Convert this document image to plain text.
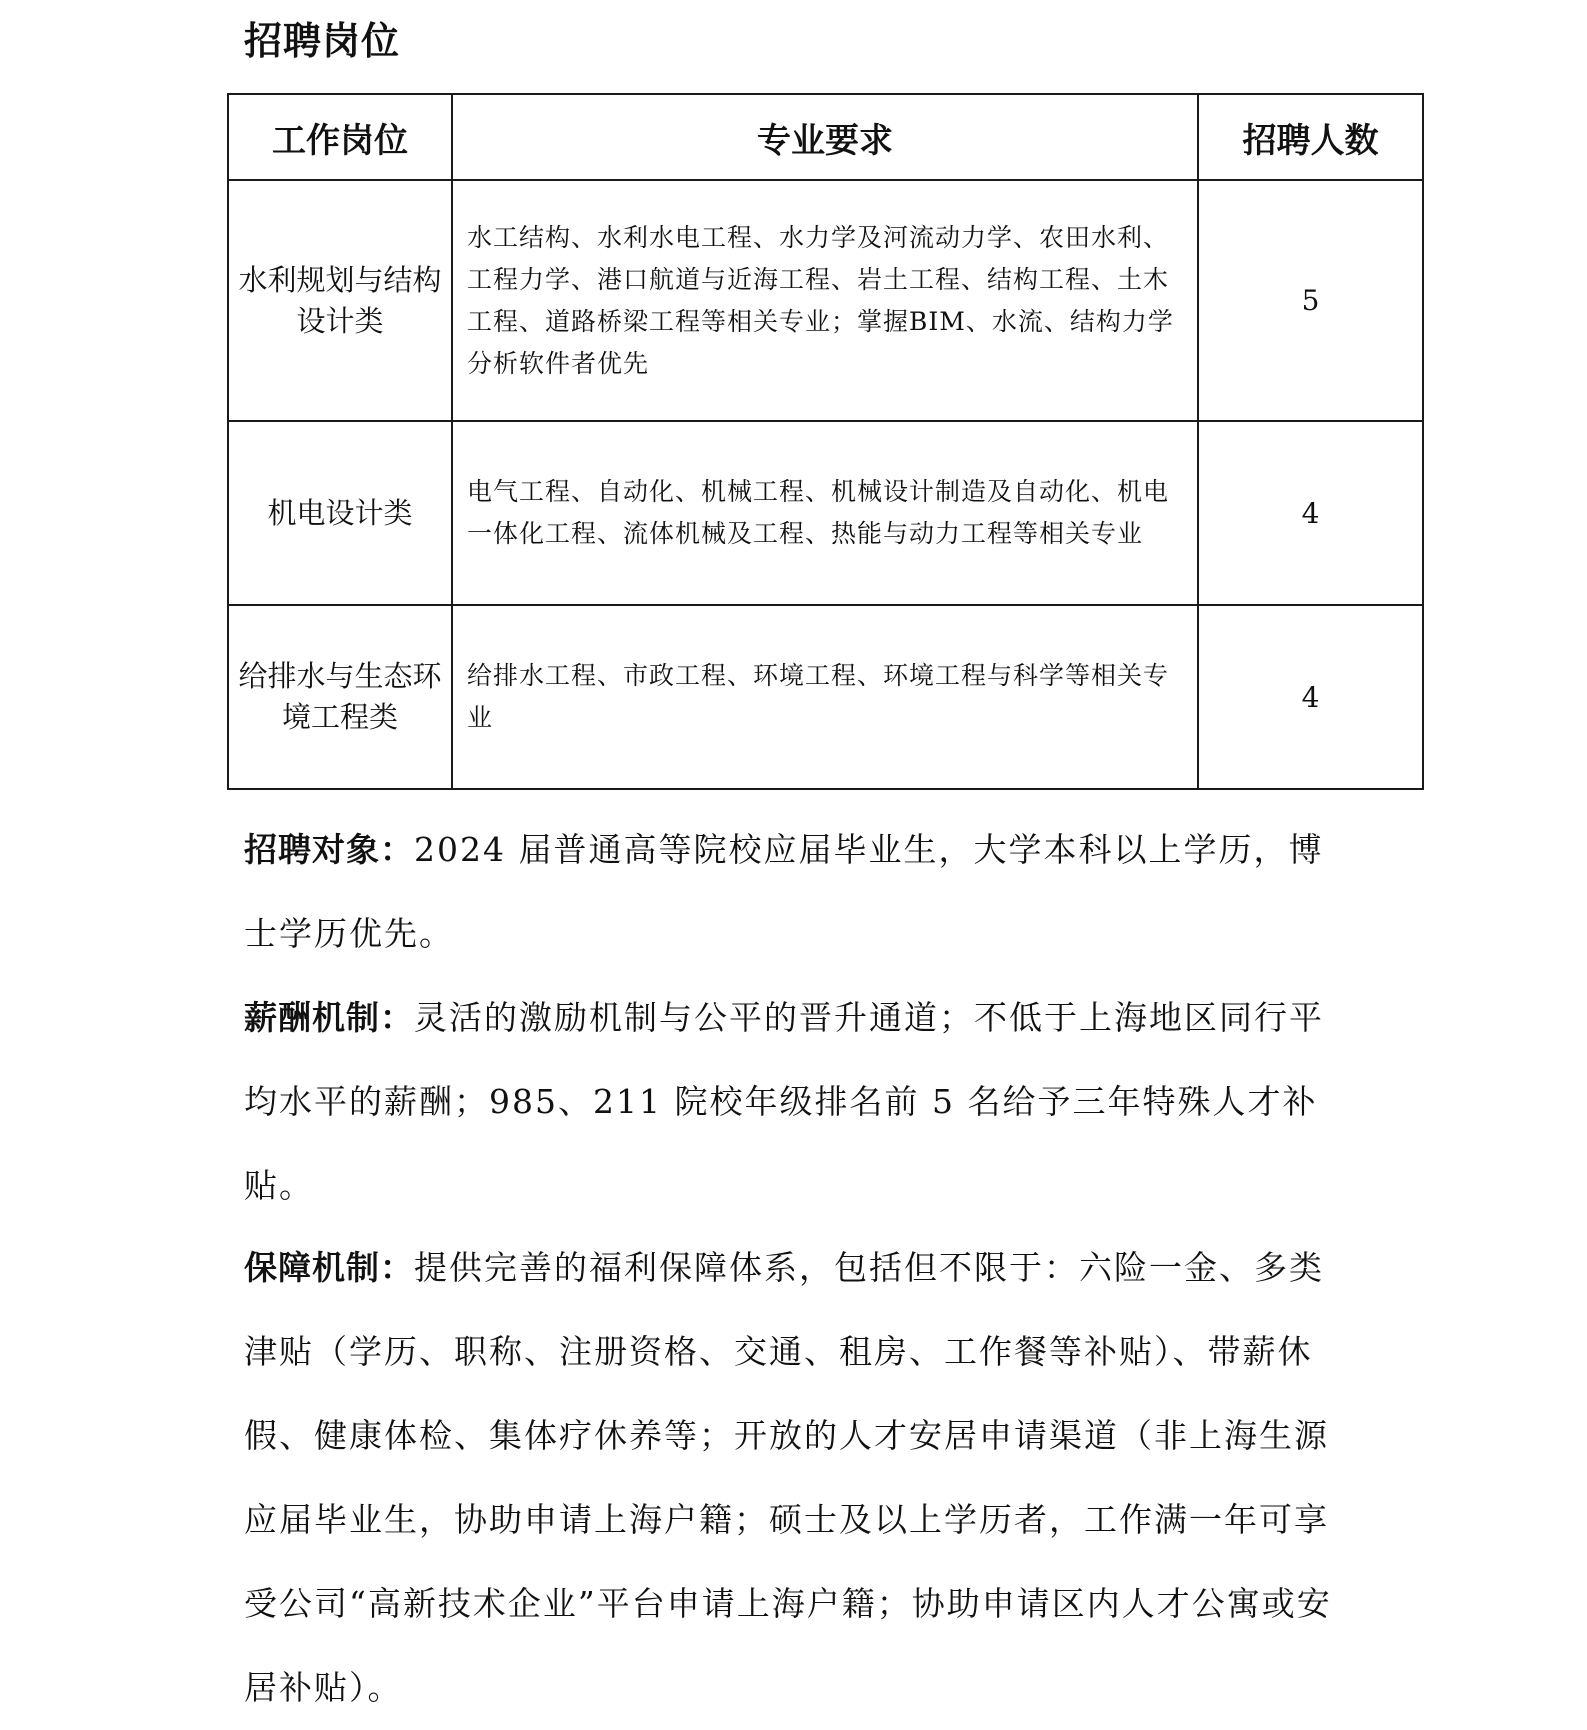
招聘岗位
工作岗位	专业要求	招聘人数
水利规划与结构设计类	水工结构、水利水电工程、水力学及河流动力学、农田水利、工程力学、港口航道与近海工程、岩土工程、结构工程、土木工程、道路桥梁工程等相关专业；掌握BIM、水流、结构力学分析软件者优先	5
机电设计类	电气工程、自动化、机械工程、机械设计制造及自动化、机电一体化工程、流体机械及工程、热能与动力工程等相关专业	4
给排水与生态环境工程类	给排水工程、市政工程、环境工程、环境工程与科学等相关专业	4

招聘对象：2024 届普通高等院校应届毕业生，大学本科以上学历，博士学历优先。

薪酬机制：灵活的激励机制与公平的晋升通道；不低于上海地区同行平均水平的薪酬；985、211 院校年级排名前 5 名给予三年特殊人才补贴。

保障机制：提供完善的福利保障体系，包括但不限于：六险一金、多类津贴（学历、职称、注册资格、交通、租房、工作餐等补贴）、带薪休假、健康体检、集体疗休养等；开放的人才安居申请渠道（非上海生源应届毕业生，协助申请上海户籍；硕士及以上学历者，工作满一年可享受公司“高新技术企业”平台申请上海户籍；协助申请区内人才公寓或安居补贴）。
